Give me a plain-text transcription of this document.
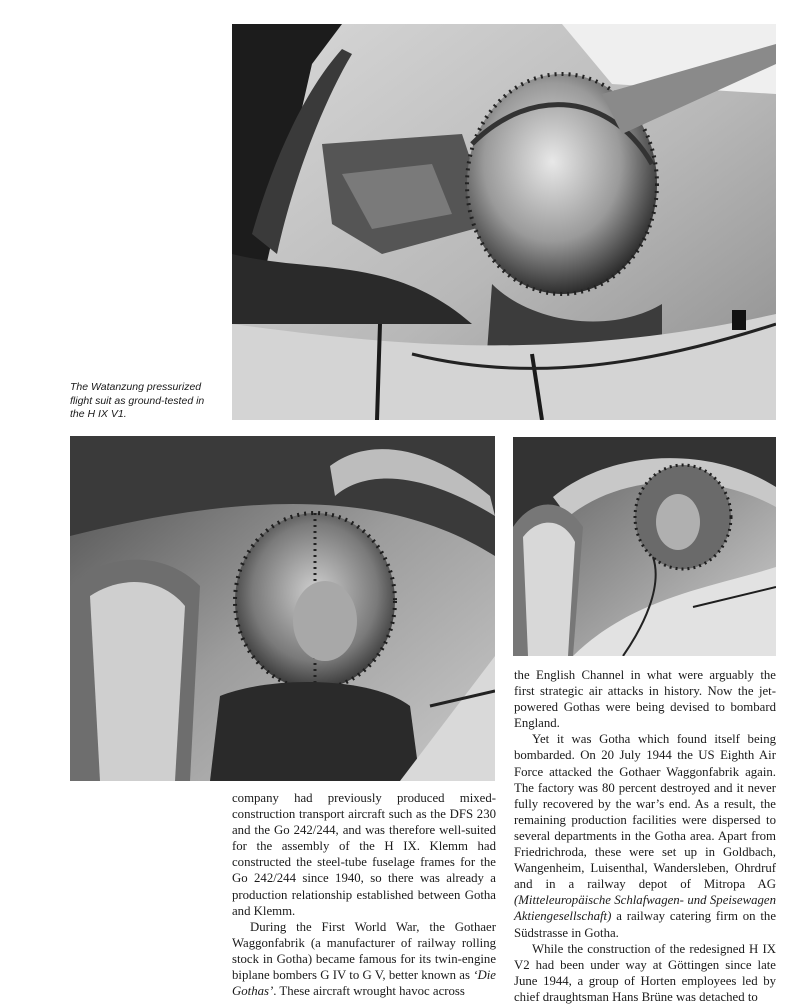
The Watanzung pressurized
flight suit as ground-tested in
the H IX V1.

company had previously produced mixed-construction transport aircraft such as the DFS 230 and the Go 242/244, and was therefore well-suited for the assembly of the H IX. Klemm had constructed the steel-tube fuselage frames for the Go 242/244 since 1940, so there was already a production relationship established between Gotha and Klemm.

During the First World War, the Gothaer Waggonfabrik (a manufacturer of railway rolling stock in Gotha) became famous for its twin-engine biplane bombers G IV to G V, better known as ‘Die Gothas’. These aircraft wrought havoc across

the English Channel in what were arguably the first strategic air attacks in history. Now the jet-powered Gothas were being devised to bombard England.

Yet it was Gotha which found itself being bombarded. On 20 July 1944 the US Eighth Air Force attacked the Gothaer Waggonfabrik again. The factory was 80 percent destroyed and it never fully recovered by the war’s end. As a result, the remaining production facilities were dispersed to several departments in the Gotha area. Apart from Friedrichroda, these were set up in Goldbach, Wangenheim, Luisenthal, Wandersleben, Ohrdruf and in a railway depot of Mitropa AG (Mitteleuropäische Schlafwagen- und Speisewagen Aktiengesellschaft) a railway catering firm on the Südstrasse in Gotha.

While the construction of the redesigned H IX V2 had been under way at Göttingen since late June 1944, a group of Horten employees led by chief draughtsman Hans Brüne was detached to
